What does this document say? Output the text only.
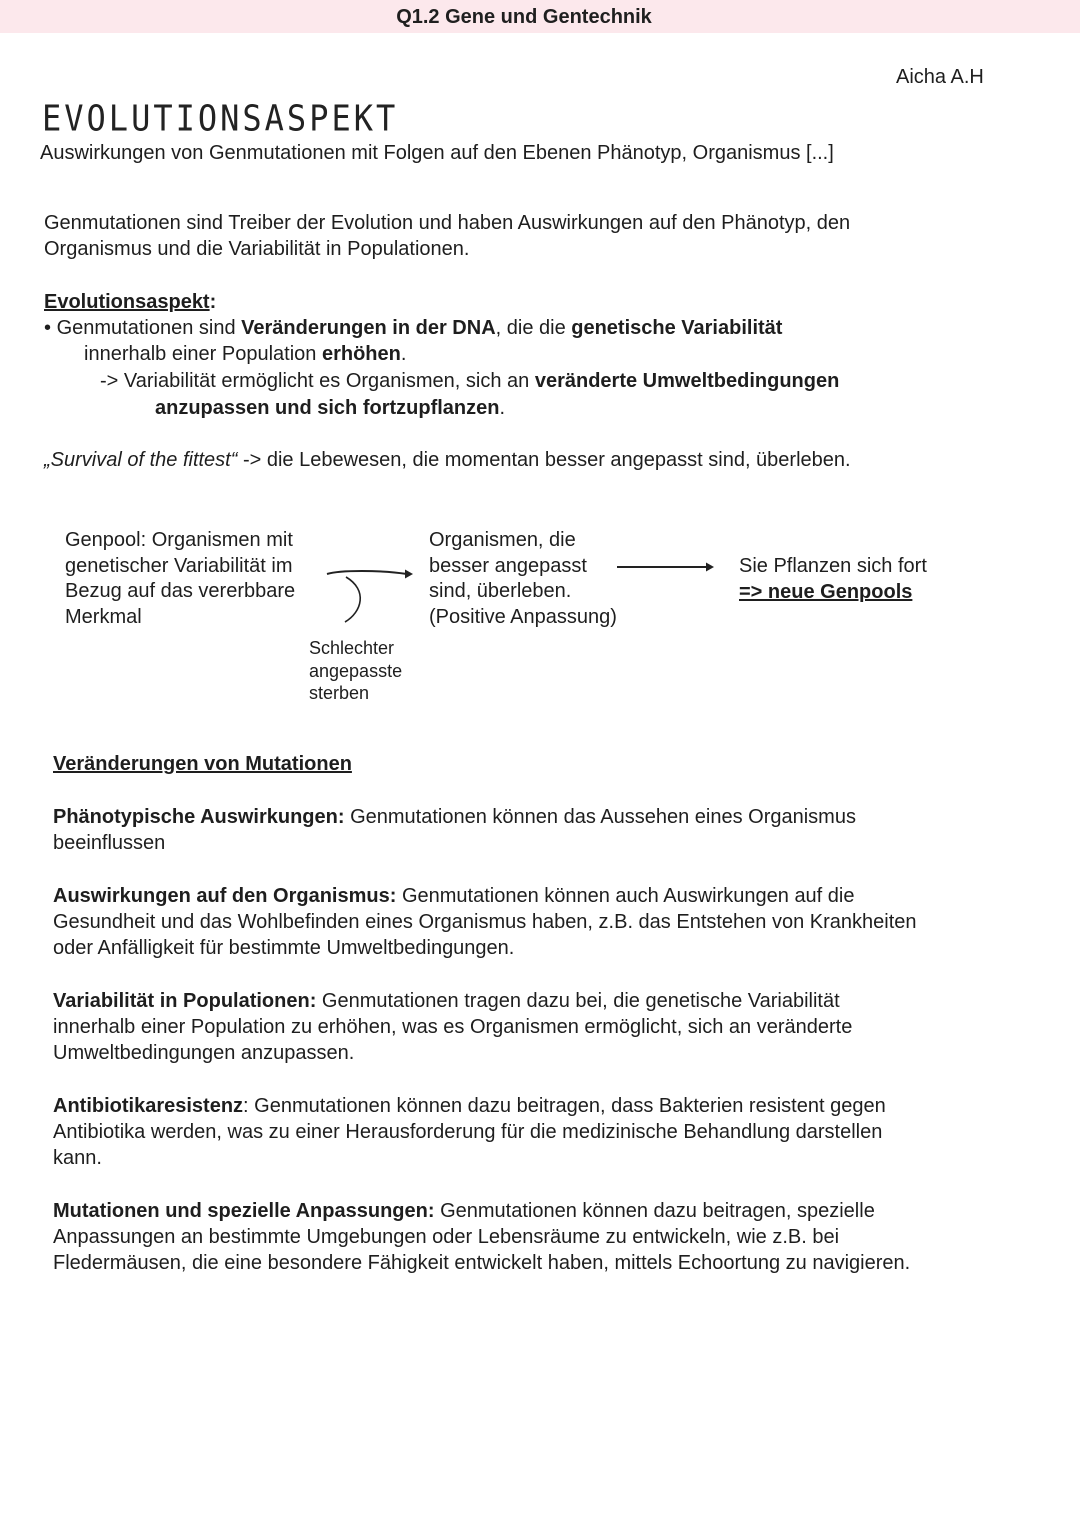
Q1.2 Gene und Gentechnik
Aicha A.H
EVOLUTIONSASPEKT
Auswirkungen von Genmutationen mit Folgen auf den Ebenen Phänotyp, Organismus [...]
Genmutationen sind Treiber der Evolution und haben Auswirkungen auf den Phänotyp, den
Organismus und die Variabilität in Populationen.
Evolutionsaspekt:
• Genmutationen sind Veränderungen in der DNA, die die genetische Variabilität
innerhalb einer Population erhöhen.
-> Variabilität ermöglicht es Organismen, sich an veränderte Umweltbedingungen
anzupassen und sich fortzupflanzen.
„Survival of the fittest“ -> die Lebewesen, die momentan besser angepasst sind, überleben.
Genpool: Organismen mit
genetischer Variabilität im
Bezug auf das vererbbare
Merkmal
Organismen, die
besser angepasst
sind, überleben.
(Positive Anpassung)
Sie Pflanzen sich fort
=> neue Genpools
Schlechter
angepasste
sterben
Veränderungen von Mutationen
Phänotypische Auswirkungen: Genmutationen können das Aussehen eines Organismus
beeinflussen
Auswirkungen auf den Organismus: Genmutationen können auch Auswirkungen auf die
Gesundheit und das Wohlbefinden eines Organismus haben, z.B. das Entstehen von Krankheiten
oder Anfälligkeit für bestimmte Umweltbedingungen.
Variabilität in Populationen: Genmutationen tragen dazu bei, die genetische Variabilität
innerhalb einer Population zu erhöhen, was es Organismen ermöglicht, sich an veränderte
Umweltbedingungen anzupassen.
Antibiotikaresistenz: Genmutationen können dazu beitragen, dass Bakterien resistent gegen
Antibiotika werden, was zu einer Herausforderung für die medizinische Behandlung darstellen
kann.
Mutationen und spezielle Anpassungen: Genmutationen können dazu beitragen, spezielle
Anpassungen an bestimmte Umgebungen oder Lebensräume zu entwickeln, wie z.B. bei
Fledermäusen, die eine besondere Fähigkeit entwickelt haben, mittels Echoortung zu navigieren.
